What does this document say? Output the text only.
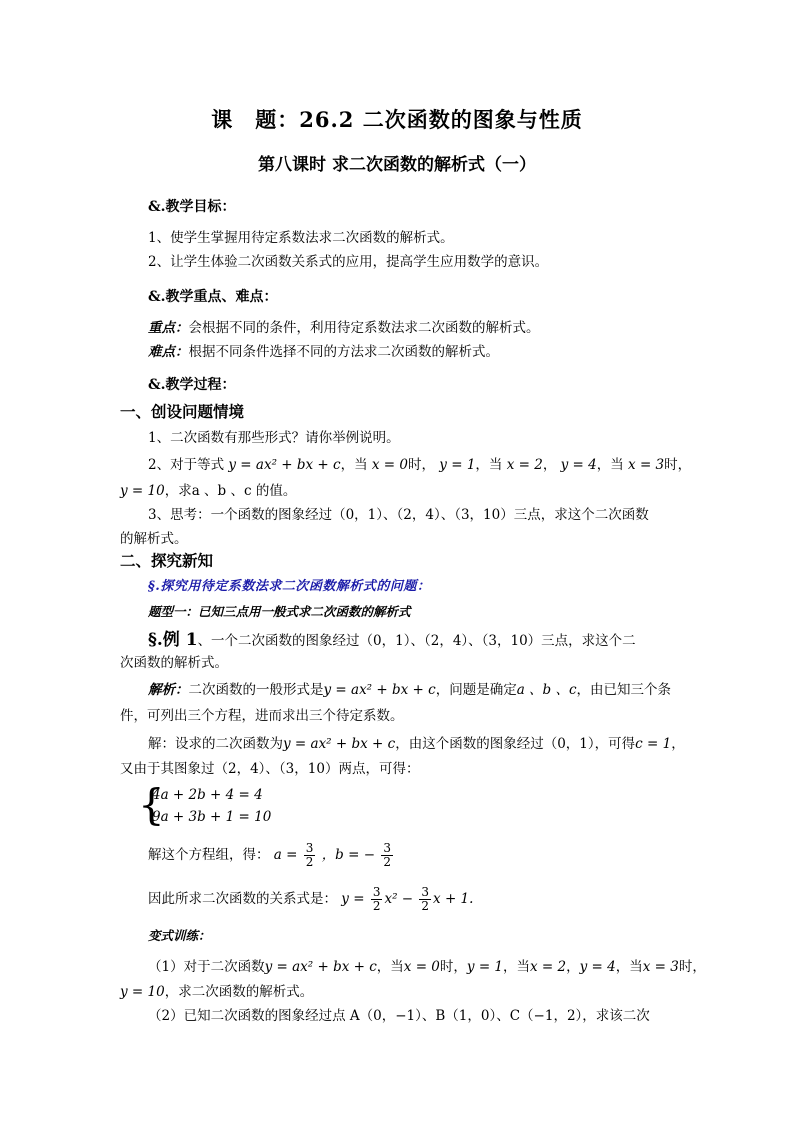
课　题：26.2 二次函数的图象与性质
第八课时 求二次函数的解析式（一）
&.教学目标：
1、使学生掌握用待定系数法求二次函数的解析式。
2、让学生体验二次函数关系式的应用，提高学生应用数学的意识。
&.教学重点、难点：
重点：会根据不同的条件，利用待定系数法求二次函数的解析式。
难点：根据不同条件选择不同的方法求二次函数的解析式。
&.教学过程：
一、创设问题情境
1、二次函数有那些形式？请你举例说明。
2、对于等式 y = ax² + bx + c，当 x = 0时， y = 1，当 x = 2， y = 4，当 x = 3时，
y = 10，求a 、b 、c 的值。
3、思考：一个函数的图象经过（0，1）、（2，4）、（3，10）三点，求这个二次函数
的解析式。
二、探究新知
§.探究用待定系数法求二次函数解析式的问题：
题型一：已知三点用一般式求二次函数的解析式
§.例 1、一个二次函数的图象经过（0，1）、（2，4）、（3，10）三点，求这个二
次函数的解析式。
解析：二次函数的一般形式是y = ax² + bx + c，问题是确定a 、b 、c，由已知三个条
件，可列出三个方程，进而求出三个待定系数。
解：设求的二次函数为y = ax² + bx + c，由这个函数的图象经过（0，1），可得c = 1，
又由于其图象过（2，4）、（3，10）两点，可得：
{
4a + 2b + 4 = 4
9a + 3b + 1 = 10
解这个方程组，得： $a = \frac{3}{2}$ ，b = − $\frac{3}{2}$
因此所求二次函数的关系式是： $y = \frac{3}{2} x^2 - \frac{3}{2}$ x + 1.
变式训练：
（1）对于二次函数y = ax² + bx + c，当x = 0时，y = 1，当x = 2，y = 4，当x = 3时，
y = 10，求二次函数的解析式。
（2）已知二次函数的图象经过点 A（0，−1）、B（1，0）、C（−1，2），求该二次
